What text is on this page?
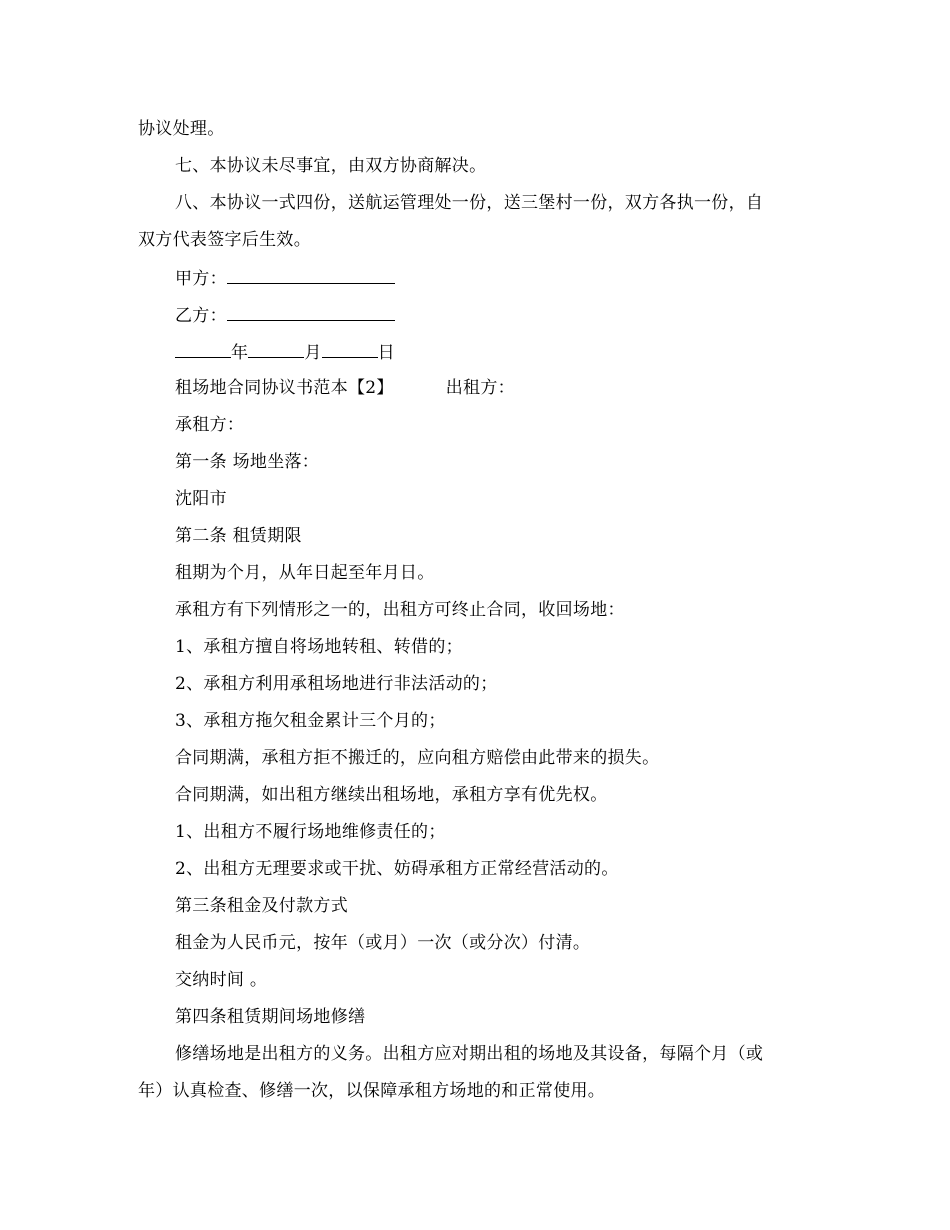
协议处理。
七、本协议未尽事宜，由双方协商解决。
八、本协议一式四份，送航运管理处一份，送三堡村一份，双方各执一份，自
双方代表签字后生效。
甲方：
乙方：
年	月	日
租场地合同协议书范本【2】	出租方：
承租方：
第一条 场地坐落：
沈阳市
第二条 租赁期限
租期为个月，从年日起至年月日。
承租方有下列情形之一的，出租方可终止合同，收回场地：
1、承租方擅自将场地转租、转借的；
2、承租方利用承租场地进行非法活动的；
3、承租方拖欠租金累计三个月的；
合同期满，承租方拒不搬迁的，应向租方赔偿由此带来的损失。
合同期满，如出租方继续出租场地，承租方享有优先权。
1、出租方不履行场地维修责任的；
2、出租方无理要求或干扰、妨碍承租方正常经营活动的。
第三条租金及付款方式
租金为人民币元，按年（或月）一次（或分次）付清。
交纳时间 。
第四条租赁期间场地修缮
修缮场地是出租方的义务。出租方应对期出租的场地及其设备，每隔个月（或
年）认真检查、修缮一次，以保障承租方场地的和正常使用。
